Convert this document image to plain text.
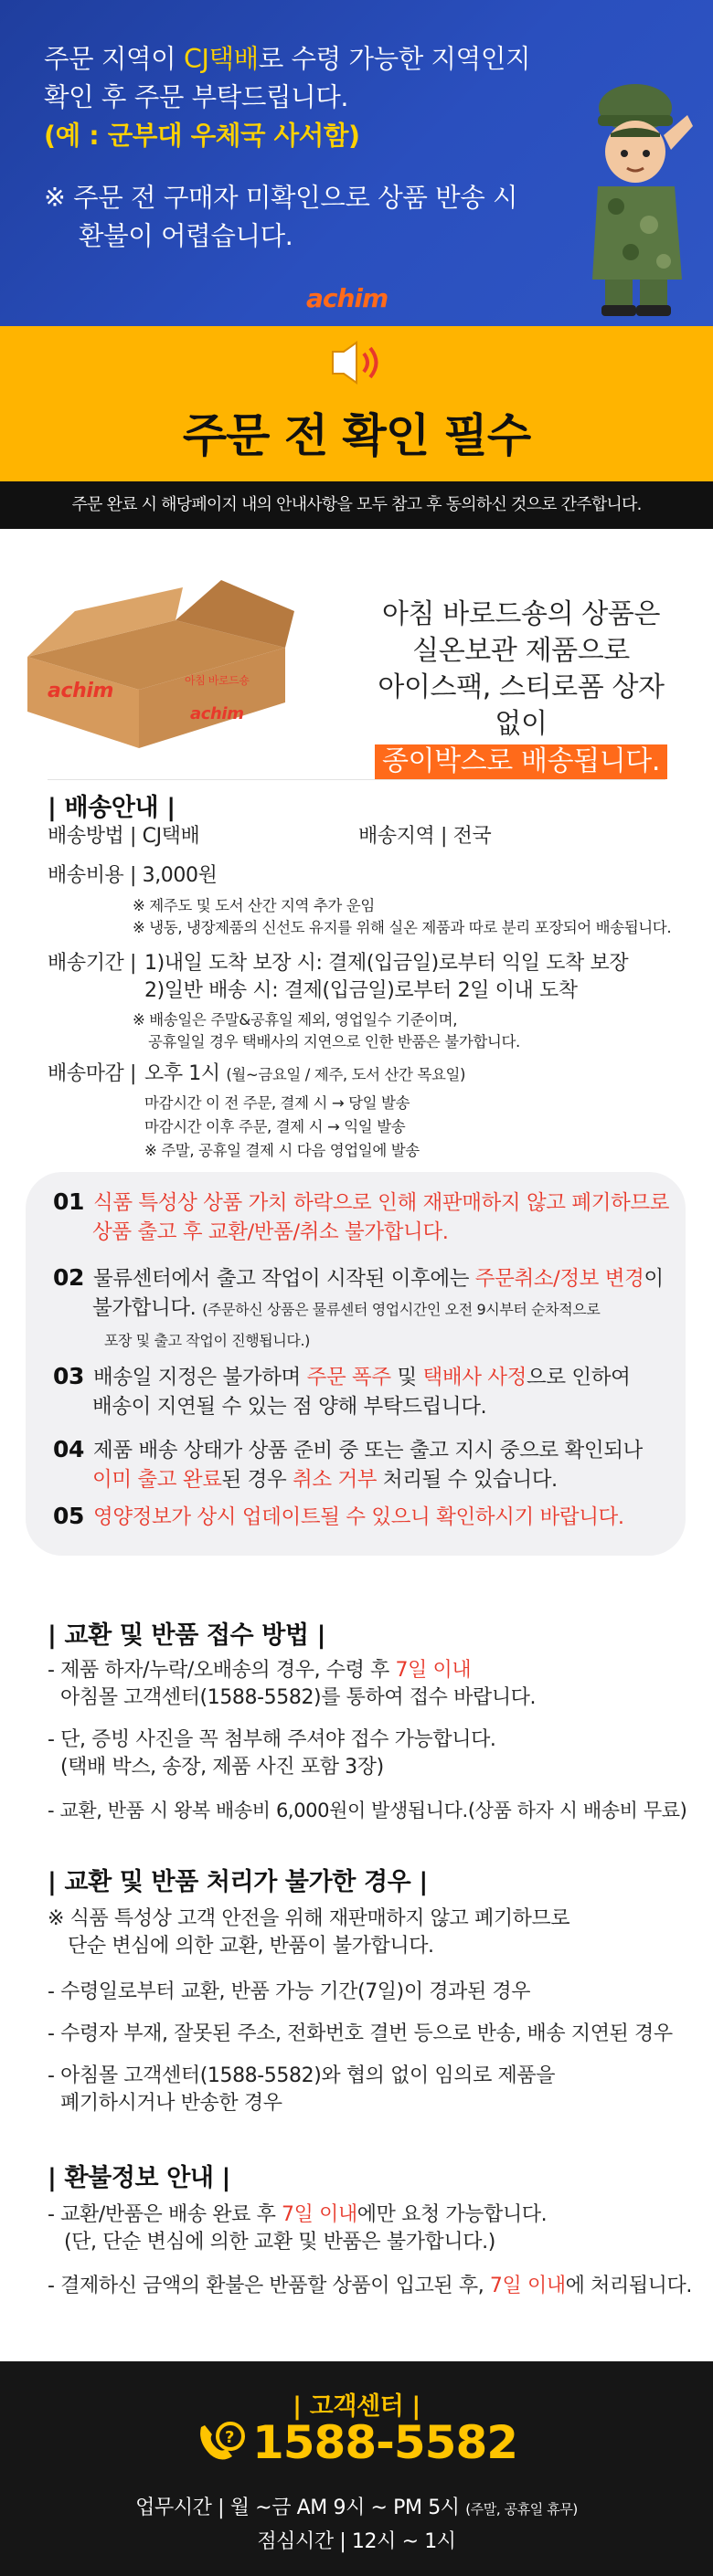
주문 지역이 CJ택배로 수령 가능한 지역인지
확인 후 주문 부탁드립니다.
(예 : 군부대 우체국 사서함)
※ 주문 전 구매자 미확인으로 상품 반송 시
환불이 어렵습니다.
achim
주문 전 확인 필수
주문 완료 시 해당페이지 내의 안내사항을 모두 참고 후 동의하신 것으로 간주합니다.
achim	아침 바로드숑
achim
아침 바로드숑의 상품은
실온보관 제품으로
아이스팩, 스티로폼 상자 없이
종이박스로 배송됩니다.
| 배송안내 |
배송방법 | CJ택배	배송지역 | 전국
배송비용 | 3,000원
※ 제주도 및 도서 산간 지역 추가 운임
※ 냉동, 냉장제품의 신선도 유지를 위해 실온 제품과 따로 분리 포장되어 배송됩니다.
배송기간 | 1)내일 도착 보장 시: 결제(입금일)로부터 익일 도착 보장
2)일반 배송 시: 결제(입금일)로부터 2일 이내 도착
※ 배송일은 주말&공휴일 제외, 영업일수 기준이며,
공휴일일 경우 택배사의 지연으로 인한 반품은 불가합니다.
배송마감 | 오후 1시 (월~금요일 / 제주, 도서 산간 목요일)
마감시간 이 전 주문, 결제 시 → 당일 발송
마감시간 이후 주문, 결제 시 → 익일 발송
※ 주말, 공휴일 결제 시 다음 영업일에 발송
01 식품 특성상 상품 가치 하락으로 인해 재판매하지 않고 폐기하므로
상품 출고 후 교환/반품/취소 불가합니다.
02 물류센터에서 출고 작업이 시작된 이후에는 주문취소/정보 변경이
불가합니다. (주문하신 상품은 물류센터 영업시간인 오전 9시부터 순차적으로
포장 및 출고 작업이 진행됩니다.)
03 배송일 지정은 불가하며 주문 폭주 및 택배사 사정으로 인하여
배송이 지연될 수 있는 점 양해 부탁드립니다.
04 제품 배송 상태가 상품 준비 중 또는 출고 지시 중으로 확인되나
이미 출고 완료된 경우 취소 거부 처리될 수 있습니다.
05 영양정보가 상시 업데이트될 수 있으니 확인하시기 바랍니다.
| 교환 및 반품 접수 방법 |
- 제품 하자/누락/오배송의 경우, 수령 후 7일 이내
아침몰 고객센터(1588-5582)를 통하여 접수 바랍니다.
- 단, 증빙 사진을 꼭 첨부해 주셔야 접수 가능합니다.
(택배 박스, 송장, 제품 사진 포함 3장)
- 교환, 반품 시 왕복 배송비 6,000원이 발생됩니다.(상품 하자 시 배송비 무료)
| 교환 및 반품 처리가 불가한 경우 |
※ 식품 특성상 고객 안전을 위해 재판매하지 않고 폐기하므로
단순 변심에 의한 교환, 반품이 불가합니다.
- 수령일로부터 교환, 반품 가능 기간(7일)이 경과된 경우
- 수령자 부재, 잘못된 주소, 전화번호 결번 등으로 반송, 배송 지연된 경우
- 아침몰 고객센터(1588-5582)와 협의 없이 임의로 제품을
폐기하시거나 반송한 경우
| 환불정보 안내 |
- 교환/반품은 배송 완료 후 7일 이내에만 요청 가능합니다.
(단, 단순 변심에 의한 교환 및 반품은 불가합니다.)
- 결제하신 금액의 환불은 반품할 상품이 입고된 후, 7일 이내에 처리됩니다.
| 고객센터 |
? 1588-5582
업무시간 | 월 ~금 AM 9시 ~ PM 5시 (주말, 공휴일 휴무)
점심시간 | 12시 ~ 1시
